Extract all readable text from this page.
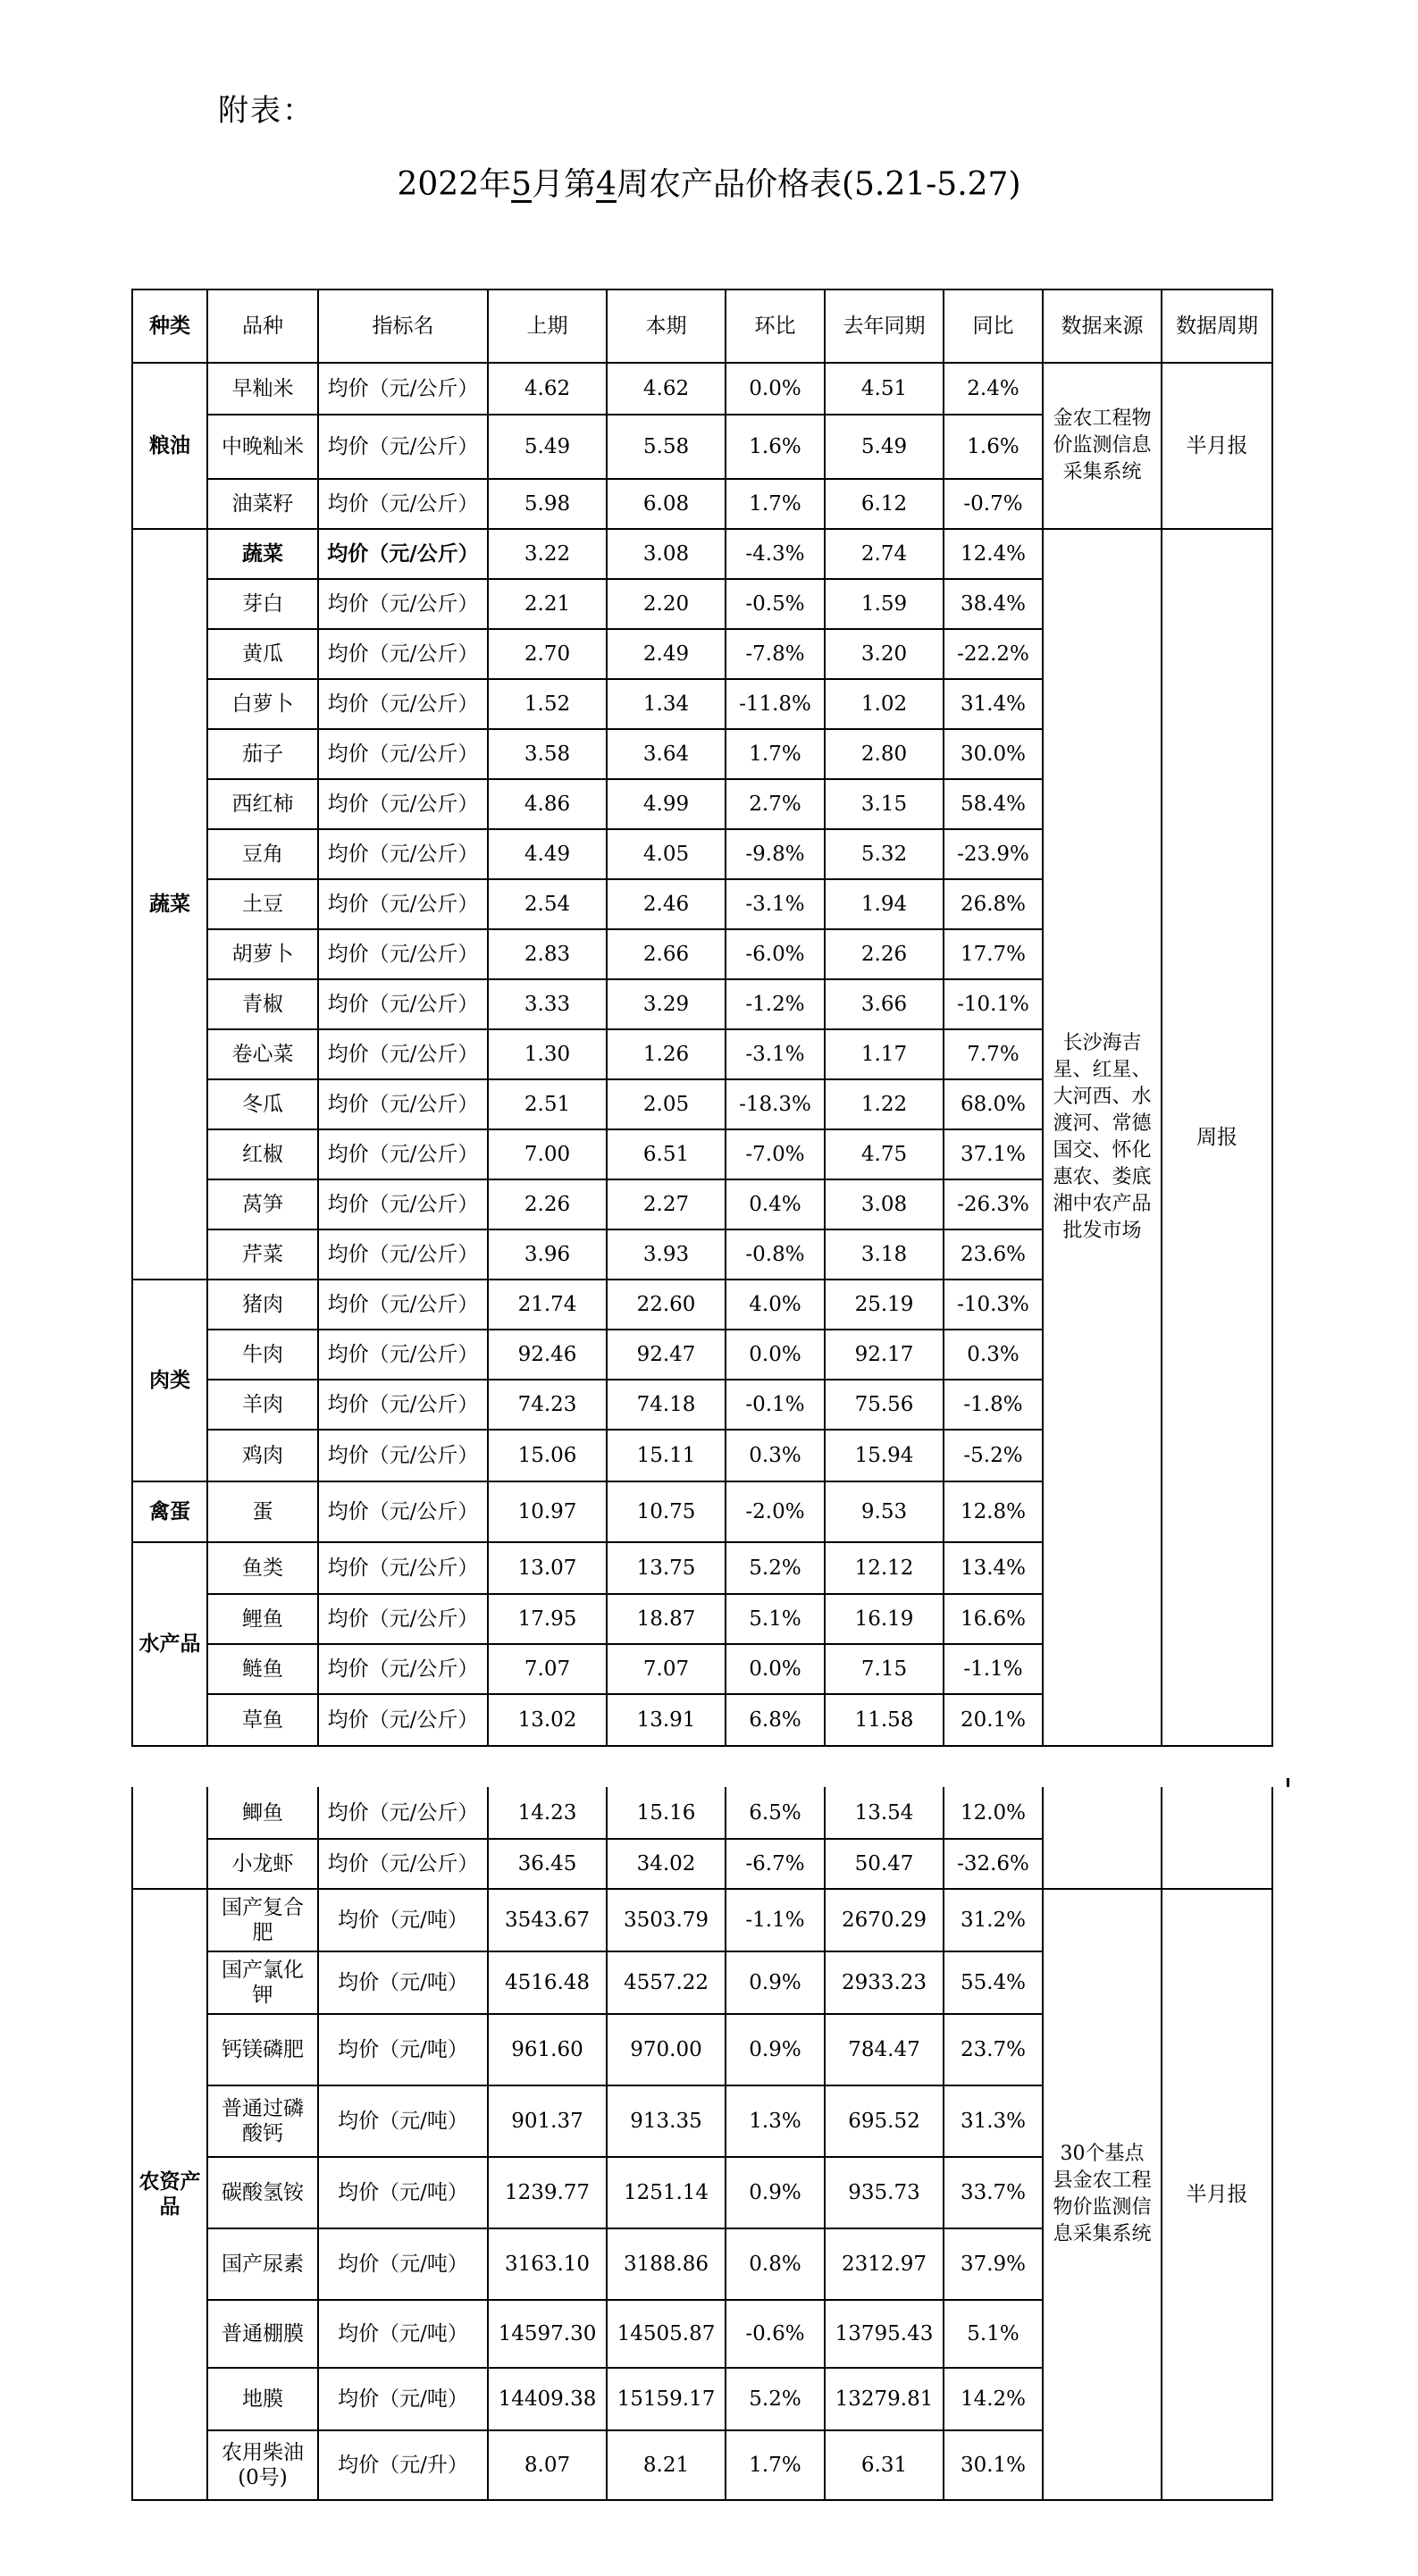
附表：
2022年5月第4周农产品价格表(5.21-5.27)
种类	品种	指标名	上期	本期	环比	去年同期	同比	数据来源	数据周期
粮油	早籼米	均价（元/公斤）	4.62	4.62	0.0%	4.51	2.4%	金农工程物价监测信息采集系统	半月报
	中晚籼米	均价（元/公斤）	5.49	5.58	1.6%	5.49	1.6%		
	油菜籽	均价（元/公斤）	5.98	6.08	1.7%	6.12	-0.7%		
蔬菜	蔬菜	均价（元/公斤）	3.22	3.08	-4.3%	2.74	12.4%	长沙海吉星、红星、大河西、水渡河、常德国交、怀化惠农、娄底湘中农产品批发市场	周报
	芽白	均价（元/公斤）	2.21	2.20	-0.5%	1.59	38.4%		
	黄瓜	均价（元/公斤）	2.70	2.49	-7.8%	3.20	-22.2%		
	白萝卜	均价（元/公斤）	1.52	1.34	-11.8%	1.02	31.4%		
	茄子	均价（元/公斤）	3.58	3.64	1.7%	2.80	30.0%		
	西红柿	均价（元/公斤）	4.86	4.99	2.7%	3.15	58.4%		
	豆角	均价（元/公斤）	4.49	4.05	-9.8%	5.32	-23.9%		
	土豆	均价（元/公斤）	2.54	2.46	-3.1%	1.94	26.8%		
	胡萝卜	均价（元/公斤）	2.83	2.66	-6.0%	2.26	17.7%		
	青椒	均价（元/公斤）	3.33	3.29	-1.2%	3.66	-10.1%		
	卷心菜	均价（元/公斤）	1.30	1.26	-3.1%	1.17	7.7%		
	冬瓜	均价（元/公斤）	2.51	2.05	-18.3%	1.22	68.0%		
	红椒	均价（元/公斤）	7.00	6.51	-7.0%	4.75	37.1%		
	莴笋	均价（元/公斤）	2.26	2.27	0.4%	3.08	-26.3%		
	芹菜	均价（元/公斤）	3.96	3.93	-0.8%	3.18	23.6%		
肉类	猪肉	均价（元/公斤）	21.74	22.60	4.0%	25.19	-10.3%		
	牛肉	均价（元/公斤）	92.46	92.47	0.0%	92.17	0.3%		
	羊肉	均价（元/公斤）	74.23	74.18	-0.1%	75.56	-1.8%		
	鸡肉	均价（元/公斤）	15.06	15.11	0.3%	15.94	-5.2%		
禽蛋	蛋	均价（元/公斤）	10.97	10.75	-2.0%	9.53	12.8%		
水产品	鱼类	均价（元/公斤）	13.07	13.75	5.2%	12.12	13.4%		
	鲤鱼	均价（元/公斤）	17.95	18.87	5.1%	16.19	16.6%		
	鲢鱼	均价（元/公斤）	7.07	7.07	0.0%	7.15	-1.1%		
	草鱼	均价（元/公斤）	13.02	13.91	6.8%	11.58	20.1%		
	鲫鱼	均价（元/公斤）	14.23	15.16	6.5%	13.54	12.0%		
	小龙虾	均价（元/公斤）	36.45	34.02	-6.7%	50.47	-32.6%		
农资产品	国产复合肥	均价（元/吨）	3543.67	3503.79	-1.1%	2670.29	31.2%	30个基点县金农工程物价监测信息采集系统	半月报
	国产氯化钾	均价（元/吨）	4516.48	4557.22	0.9%	2933.23	55.4%		
	钙镁磷肥	均价（元/吨）	961.60	970.00	0.9%	784.47	23.7%		
	普通过磷酸钙	均价（元/吨）	901.37	913.35	1.3%	695.52	31.3%		
	碳酸氢铵	均价（元/吨）	1239.77	1251.14	0.9%	935.73	33.7%		
	国产尿素	均价（元/吨）	3163.10	3188.86	0.8%	2312.97	37.9%		
	普通棚膜	均价（元/吨）	14597.30	14505.87	-0.6%	13795.43	5.1%		
	地膜	均价（元/吨）	14409.38	15159.17	5.2%	13279.81	14.2%		
	农用柴油(0号)	均价（元/升）	8.07	8.21	1.7%	6.31	30.1%		
